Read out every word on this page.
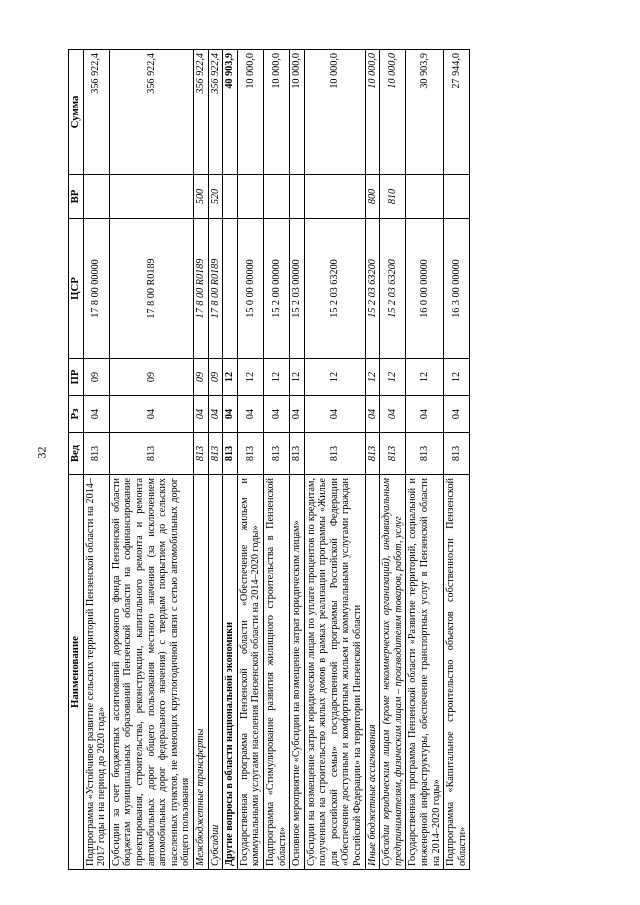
32
Наименование	Вед	Рз	ПР	ЦСР	ВР	Сумма
Подпрограмма «Устойчивое развитие сельских территорий Пензенской области на 2014–2017 годы и на период до 2020 года»	813	04	09	17 8 00 00000		356 922,4
Субсидии за счет бюджетных ассигнований дорожного фонда Пензенской области бюджетам муниципальных образований Пензенской области на софинансирование проектирования, строительства, реконструкции, капитального ремонта и ремонта автомобильных дорог общего пользования местного значения (за исключением автомобильных дорог федерального значения) с твердым покрытием до сельских населенных пунктов, не имеющих круглогодичной связи с сетью автомобильных дорог общего пользования	813	04	09	17 8 00 R0189		356 922,4
Межбюджетные трансферты	813	04	09	17 8 00 R0189	500	356 922,4
Субсидии	813	04	09	17 8 00 R0189	520	356 922,4
Другие вопросы в области национальной экономики	813	04	12			40 903,9
Государственная программа Пензенской области «Обеспечение жильем и коммунальными услугами населения Пензенской области на 2014–2020 годы»	813	04	12	15 0 00 00000		10 000,0
Подпрограмма «Стимулирование развития жилищного строительства в Пензенской области»	813	04	12	15 2 00 00000		10 000,0
Основное мероприятие «Субсидии на возмещение затрат юридическим лицам»	813	04	12	15 2 03 00000		10 000,0
Субсидии на возмещение затрат юридическим лицам по уплате процентов по кредитам, полученным на строительство жилых домов в рамках реализации программы «Жилье для российской семьи» государственной программы Российской Федерации «Обеспечение доступным и комфортным жильем и коммунальными услугами граждан Российской Федерации» на территории Пензенской области	813	04	12	15 2 03 63200		10 000,0
Иные бюджетные ассигнования	813	04	12	15 2 03 63200	800	10 000,0
Субсидии юридическим лицам (кроме некоммерческих организаций), индивидуальным предпринимателям, физическим лицам – производителям товаров, работ, услуг	813	04	12	15 2 03 63200	810	10 000,0
Государственная программа Пензенской области «Развитие территорий, социальной и инженерной инфраструктуры, обеспечение транспортных услуг в Пензенской области на 2014–2020 годы»	813	04	12	16 0 00 00000		30 903,9
Подпрограмма «Капитальное строительство объектов собственности Пензенской области»	813	04	12	16 3 00 00000		27 944,0
